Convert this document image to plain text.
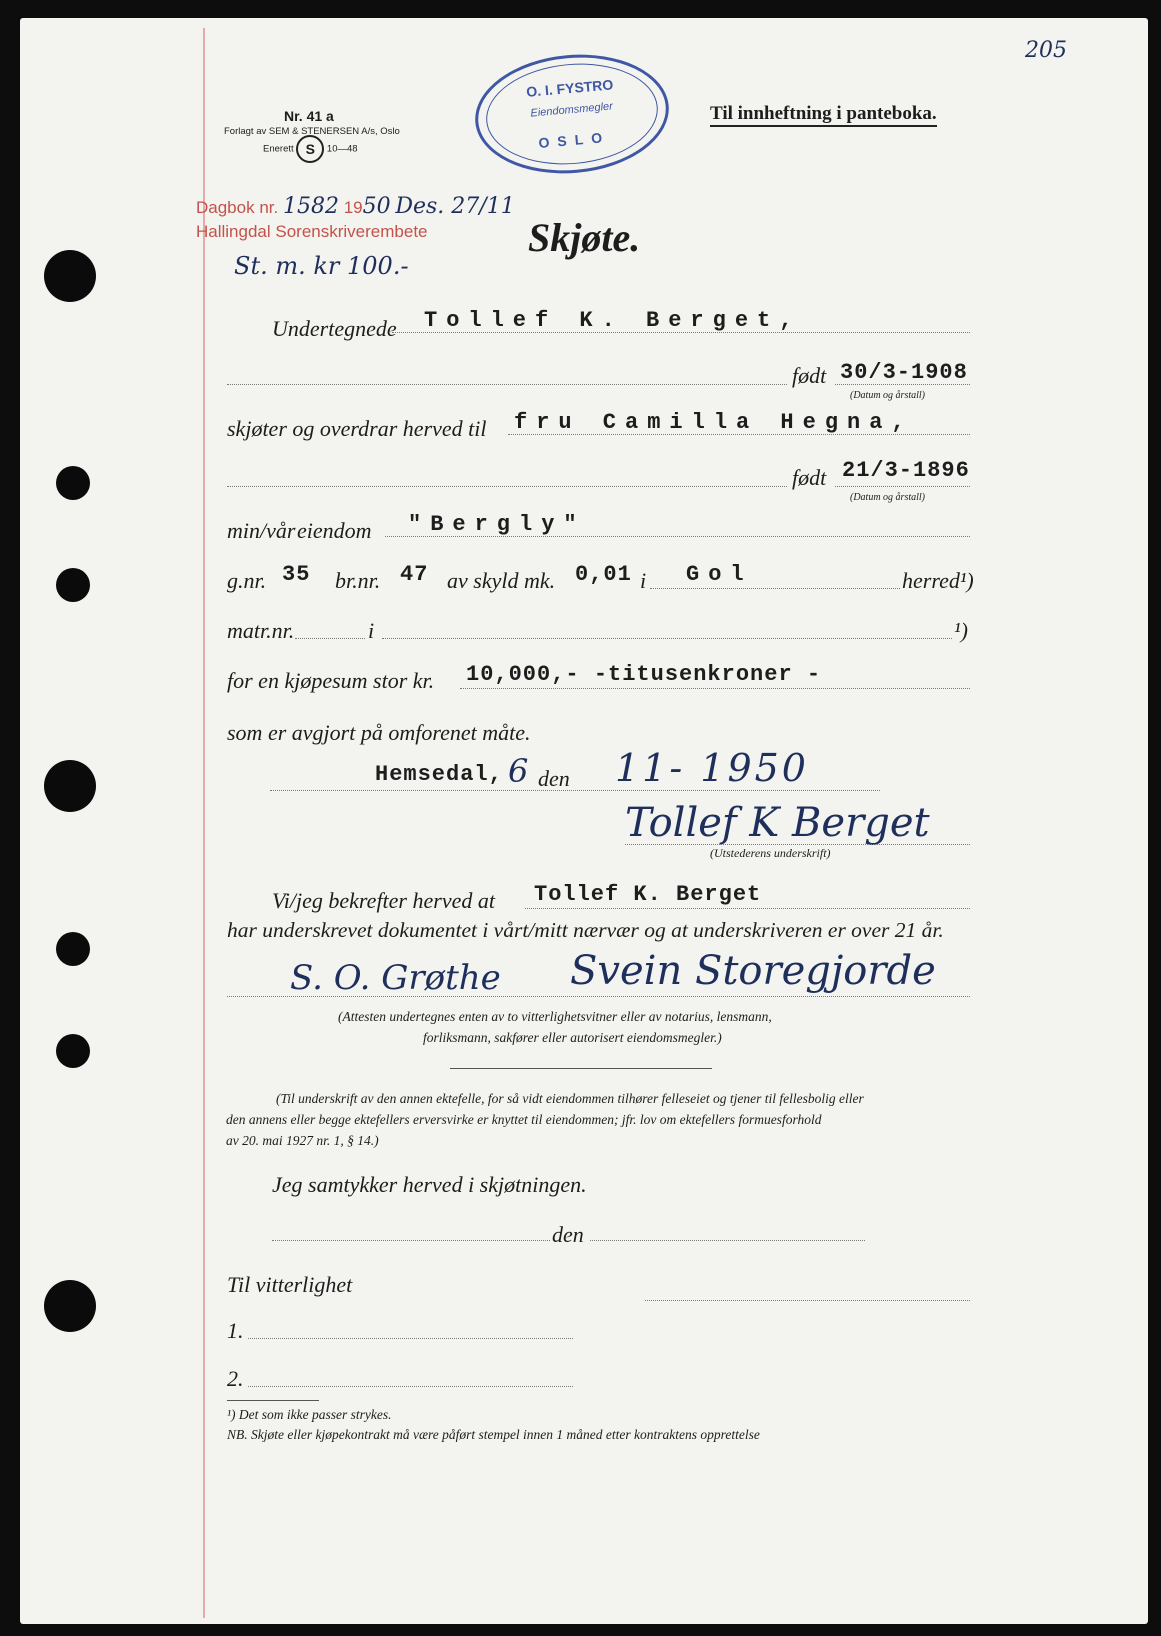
Nr. 41 a
Forlagt av SEM & STENERSEN A/s, Oslo
Enerett S 10—48
O. I. FYSTRO
Eiendomsmegler
OSLO
Til innheftning i panteboka.
205
Dagbok nr. 1582 1950 Des. 27/11
Hallingdal Sorenskriverembete
St. m. kr 100.-
Skjøte.
Undertegnede Tollef K. Berget,
født 30/3-1908
(Datum og årstall)
skjøter og overdrar herved til fru Camilla Hegna,
født 21/3-1896
(Datum og årstall)
min/vår eiendom "Bergly"
g.nr. 35 br.nr. 47 av skyld mk. 0,01 i Gol	herred¹)
matr.nr.	i	¹)
for en kjøpesum stor kr. 10,000,- -titusenkroner -
som er avgjort på omforenet måte.
Hemsedal, 6 den 11- 1950
Tollef K Berget
(Utstederens underskrift)
Vi/jeg bekrefter herved at Tollef K. Berget
har underskrevet dokumentet i vårt/mitt nærvær og at underskriveren er over 21 år.
S. O. Grøthe Svein Storegjorde
(Attesten undertegnes enten av to vitterlighetsvitner eller av notarius, lensmann,
forliksmann, sakfører eller autorisert eiendomsmegler.)
(Til underskrift av den annen ektefelle, for så vidt eiendommen tilhører felleseiet og tjener til fellesbolig eller
den annens eller begge ektefellers erversvirke er knyttet til eiendommen; jfr. lov om ektefellers formuesforhold
av 20. mai 1927 nr. 1, § 14.)
Jeg samtykker herved i skjøtningen.
den
Til vitterlighet
1.
2.
¹) Det som ikke passer strykes.
NB. Skjøte eller kjøpekontrakt må være påført stempel innen 1 måned etter kontraktens opprettelse
